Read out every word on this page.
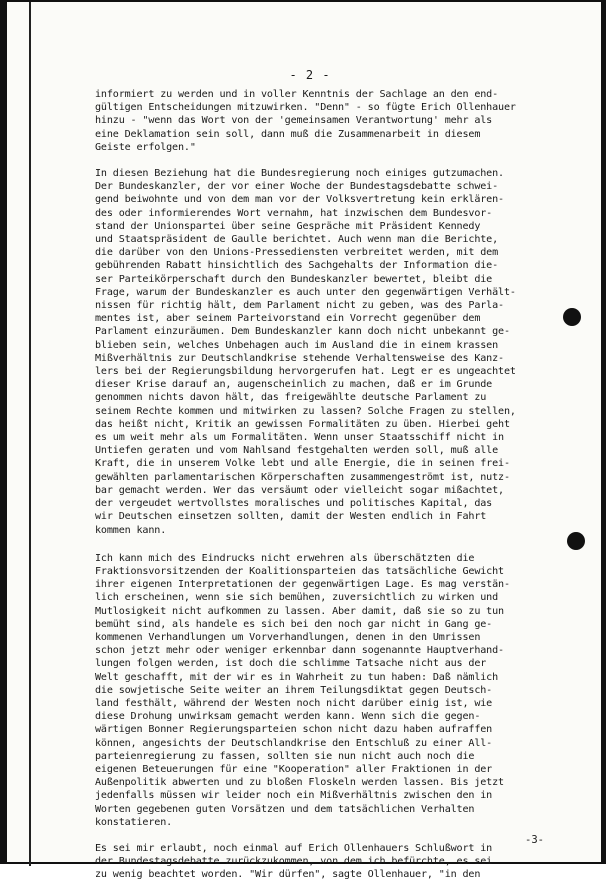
- 2 -
informiert zu werden und in voller Kenntnis der Sachlage an den end-
gültigen Entscheidungen mitzuwirken. "Denn" - so fügte Erich Ollenhauer
hinzu - "wenn das Wort von der 'gemeinsamen Verantwortung' mehr als
eine Deklamation sein soll, dann muß die Zusammenarbeit in diesem
Geiste erfolgen."
In diesen Beziehung hat die Bundesregierung noch einiges gutzumachen.
Der Bundeskanzler, der vor einer Woche der Bundestagsdebatte schwei-
gend beiwohnte und von dem man vor der Volksvertretung kein erklären-
des oder informierendes Wort vernahm, hat inzwischen dem Bundesvor-
stand der Unionspartei über seine Gespräche mit Präsident Kennedy
und Staatspräsident de Gaulle berichtet. Auch wenn man die Berichte,
die darüber von den Unions-Pressediensten verbreitet werden, mit dem
gebührenden Rabatt hinsichtlich des Sachgehalts der Information die-
ser Parteikörperschaft durch den Bundeskanzler bewertet, bleibt die
Frage, warum der Bundeskanzler es auch unter den gegenwärtigen Verhält-
nissen für richtig hält, dem Parlament nicht zu geben, was des Parla-
mentes ist, aber seinem Parteivorstand ein Vorrecht gegenüber dem
Parlament einzuräumen. Dem Bundeskanzler kann doch nicht unbekannt ge-
blieben sein, welches Unbehagen auch im Ausland die in einem krassen
Mißverhältnis zur Deutschlandkrise stehende Verhaltensweise des Kanz-
lers bei der Regierungsbildung hervorgerufen hat. Legt er es ungeachtet
dieser Krise darauf an, augenscheinlich zu machen, daß er im Grunde
genommen nichts davon hält, das freigewählte deutsche Parlament zu
seinem Rechte kommen und mitwirken zu lassen? Solche Fragen zu stellen,
das heißt nicht, Kritik an gewissen Formalitäten zu üben. Hierbei geht
es um weit mehr als um Formalitäten. Wenn unser Staatsschiff nicht in
Untiefen geraten und vom Nahlsand festgehalten werden soll, muß alle
Kraft, die in unserem Volke lebt und alle Energie, die in seinen frei-
gewählten parlamentarischen Körperschaften zusammengeströmt ist, nutz-
bar gemacht werden. Wer das versäumt oder vielleicht sogar mißachtet,
der vergeudet wertvollstes moralisches und politisches Kapital, das
wir Deutschen einsetzen sollten, damit der Westen endlich in Fahrt
kommen kann.
Ich kann mich des Eindrucks nicht erwehren als überschätzten die
Fraktionsvorsitzenden der Koalitionsparteien das tatsächliche Gewicht
ihrer eigenen Interpretationen der gegenwärtigen Lage. Es mag verstän-
lich erscheinen, wenn sie sich bemühen, zuversichtlich zu wirken und
Mutlosigkeit nicht aufkommen zu lassen. Aber damit, daß sie so zu tun
bemüht sind, als handele es sich bei den noch gar nicht in Gang ge-
kommenen Verhandlungen um Vorverhandlungen, denen in den Umrissen
schon jetzt mehr oder weniger erkennbar dann sogenannte Hauptverhand-
lungen folgen werden, ist doch die schlimme Tatsache nicht aus der
Welt geschafft, mit der wir es in Wahrheit zu tun haben: Daß nämlich
die sowjetische Seite weiter an ihrem Teilungsdiktat gegen Deutsch-
land festhält, während der Westen noch nicht darüber einig ist, wie
diese Drohung unwirksam gemacht werden kann. Wenn sich die gegen-
wärtigen Bonner Regierungsparteien schon nicht dazu haben aufraffen
können, angesichts der Deutschlandkrise den Entschluß zu einer All-
parteienregierung zu fassen, sollten sie nun nicht auch noch die
eigenen Beteuerungen für eine "Kooperation" aller Fraktionen in der
Außenpolitik abwerten und zu bloßen Floskeln werden lassen. Bis jetzt
jedenfalls müssen wir leider noch ein Mißverhältnis zwischen den in
Worten gegebenen guten Vorsätzen und dem tatsächlichen Verhalten
konstatieren.
Es sei mir erlaubt, noch einmal auf Erich Ollenhauers Schlußwort in
der Bundestagsdebatte zurückzukommen, von dem ich befürchte, es sei
zu wenig beachtet worden. "Wir dürfen", sagte Ollenhauer, "in den
-3-
